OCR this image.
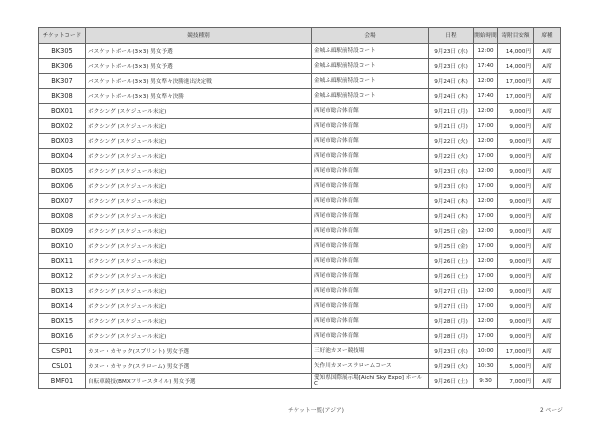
チケットコード	競技種別	会場	日程	開始時間	寄附目安額	席種
BK305	バスケットボール(3×3) 男女予選	金城ふ頭駅前特設コート	9月23日 (水)	12:00	14,000円	A席
BK306	バスケットボール(3×3) 男女予選	金城ふ頭駅前特設コート	9月23日 (水)	17:40	14,000円	A席
BK307	バスケットボール(3×3) 男女準々決勝進出決定戦	金城ふ頭駅前特設コート	9月24日 (木)	12:00	17,000円	A席
BK308	バスケットボール(3×3) 男女準々決勝	金城ふ頭駅前特設コート	9月24日 (木)	17:40	17,000円	A席
BOX01	ボクシング (スケジュール未定)	西尾市総合体育館	9月21日 (月)	12:00	9,000円	A席
BOX02	ボクシング (スケジュール未定)	西尾市総合体育館	9月21日 (月)	17:00	9,000円	A席
BOX03	ボクシング (スケジュール未定)	西尾市総合体育館	9月22日 (火)	12:00	9,000円	A席
BOX04	ボクシング (スケジュール未定)	西尾市総合体育館	9月22日 (火)	17:00	9,000円	A席
BOX05	ボクシング (スケジュール未定)	西尾市総合体育館	9月23日 (水)	12:00	9,000円	A席
BOX06	ボクシング (スケジュール未定)	西尾市総合体育館	9月23日 (水)	17:00	9,000円	A席
BOX07	ボクシング (スケジュール未定)	西尾市総合体育館	9月24日 (木)	12:00	9,000円	A席
BOX08	ボクシング (スケジュール未定)	西尾市総合体育館	9月24日 (木)	17:00	9,000円	A席
BOX09	ボクシング (スケジュール未定)	西尾市総合体育館	9月25日 (金)	12:00	9,000円	A席
BOX10	ボクシング (スケジュール未定)	西尾市総合体育館	9月25日 (金)	17:00	9,000円	A席
BOX11	ボクシング (スケジュール未定)	西尾市総合体育館	9月26日 (土)	12:00	9,000円	A席
BOX12	ボクシング (スケジュール未定)	西尾市総合体育館	9月26日 (土)	17:00	9,000円	A席
BOX13	ボクシング (スケジュール未定)	西尾市総合体育館	9月27日 (日)	12:00	9,000円	A席
BOX14	ボクシング (スケジュール未定)	西尾市総合体育館	9月27日 (日)	17:00	9,000円	A席
BOX15	ボクシング (スケジュール未定)	西尾市総合体育館	9月28日 (月)	12:00	9,000円	A席
BOX16	ボクシング (スケジュール未定)	西尾市総合体育館	9月28日 (月)	17:00	9,000円	A席
CSP01	カヌー・カヤック(スプリント) 男女予選	三好池カヌー競技場	9月23日 (水)	10:00	17,000円	A席
CSL01	カヌー・カヤック(スラローム) 男女予選	矢作川カヌースラロームコース	9月29日 (火)	10:30	5,000円	A席
BMF01	自転車競技(BMXフリースタイル) 男女予選	愛知県国際展示場[Aichi Sky Expo] ホールC	9月26日 (土)	9:30	7,000円	A席
チケット一覧(アジア)	2 ページ
